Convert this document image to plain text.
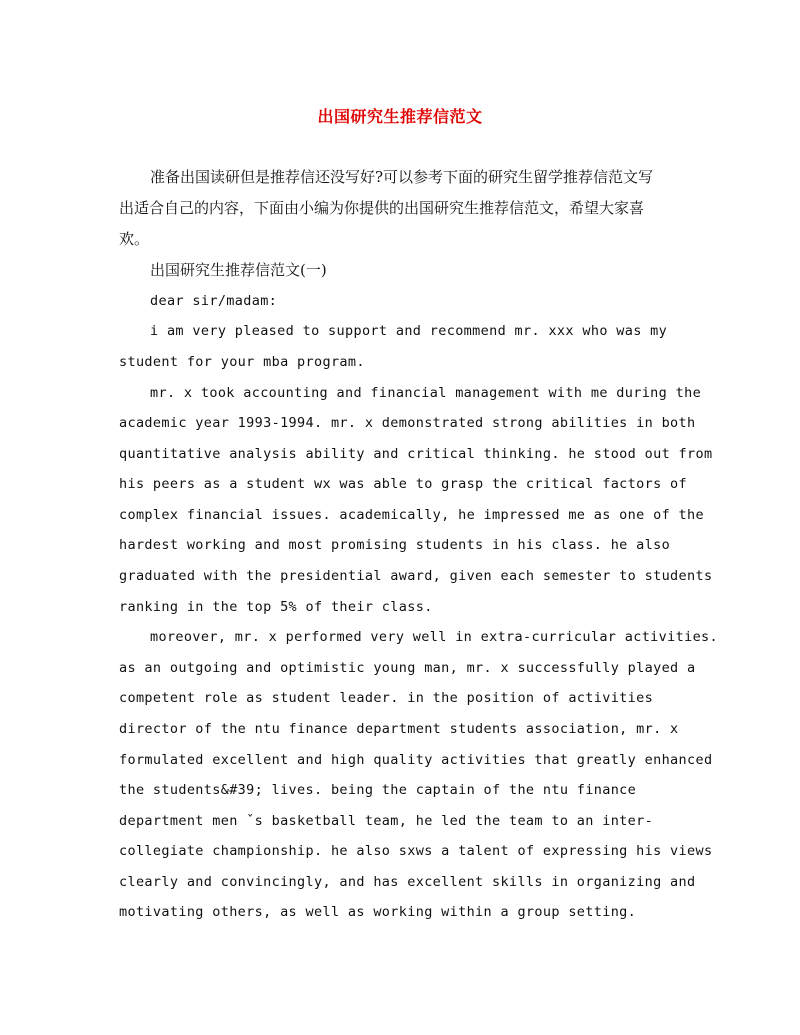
出国研究生推荐信范文

准备出国读研但是推荐信还没写好?可以参考下面的研究生留学推荐信范文写

出适合自己的内容，下面由小编为你提供的出国研究生推荐信范文，希望大家喜

欢。

出国研究生推荐信范文(一)

dear sir/madam:

i am very pleased to support and recommend mr. xxx who was my

student for your mba program.

mr. x took accounting and financial management with me during the

academic year 1993-1994. mr. x demonstrated strong abilities in both

quantitative analysis ability and critical thinking. he stood out from

his peers as a student wx was able to grasp the critical factors of

complex financial issues. academically, he impressed me as one of the

hardest working and most promising students in his class. he also

graduated with the presidential award, given each semester to students

ranking in the top 5% of their class.

moreover, mr. x performed very well in extra-curricular activities.

as an outgoing and optimistic young man, mr. x successfully played a

competent role as student leader. in the position of activities

director of the ntu finance department students association, mr. x

formulated excellent and high quality activities that greatly enhanced

the students&#39; lives. being the captain of the ntu finance

department men ˇs basketball team, he led the team to an inter-

collegiate championship. he also sxws a talent of expressing his views

clearly and convincingly, and has excellent skills in organizing and

motivating others, as well as working within a group setting.
